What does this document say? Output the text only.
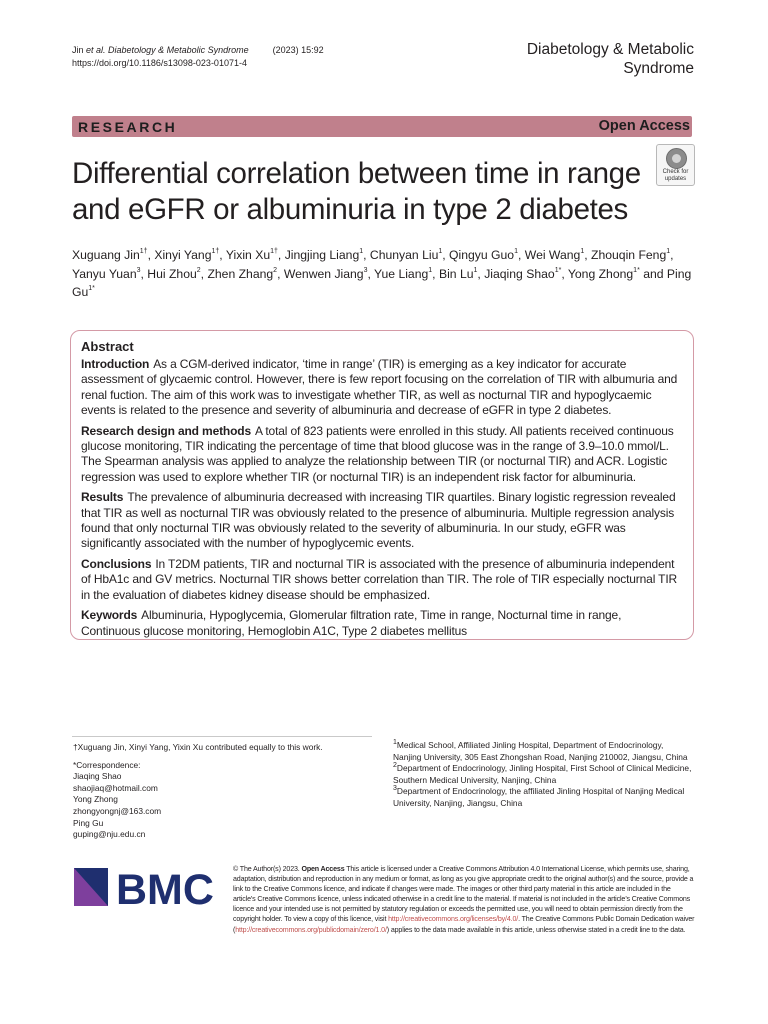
Jin et al. Diabetology & Metabolic Syndrome	(2023) 15:92
https://doi.org/10.1186/s13098-023-01071-4
Diabetology & Metabolic
Syndrome
RESEARCH	Open Access
Check for
updates
Differential correlation between time in range
and eGFR or albuminuria in type 2 diabetes
Xuguang Jin$^{1\dagger}$, Xinyi Yang$^{1\dagger}$, Yixin $Xu^{1\dagger}$, Jingjing Liang$^1$, Chunyan Liu$^1$, Qingyu Guo$^1$, Wei Wang$^1$, Zhouqin Feng$^1$, Yanyu Yuan$^3$, Hui Zhou$^2$, Zhen Zhang$^2$, Wenwen Jiang$^3$, Yue Liang$^1$, Bin Lu$^1$, Jiaqing Shao$^{1*}$, Yong Zhong$^{1*}$ and Ping $Gu^{1*}$
Abstract
Introduction As a CGM-derived indicator, ‘time in range’ (TIR) is emerging as a key indicator for accurate assessment of glycaemic control. However, there is few report focusing on the correlation of TIR with albumuria and renal fuction. The aim of this work was to investigate whether TIR, as well as nocturnal TIR and hypoglycaemic events is related to the presence and severity of albuminuria and decrease of eGFR in type 2 diabetes.
Research design and methods A total of 823 patients were enrolled in this study. All patients received continuous glucose monitoring, TIR indicating the percentage of time that blood glucose was in the range of 3.9–10.0 mmol/L. The Spearman analysis was applied to analyze the relationship between TIR (or nocturnal TIR) and ACR. Logistic regression was used to explore whether TIR (or nocturnal TIR) is an independent risk factor for albuminuria.
Results The prevalence of albuminuria decreased with increasing TIR quartiles. Binary logistic regression revealed that TIR as well as nocturnal TIR was obviously related to the presence of albuminuria. Multiple regression analysis found that only nocturnal TIR was obviously related to the severity of albuminuria. In our study, eGFR was significantly associated with the number of hypoglycemic events.
Conclusions In T2DM patients, TIR and nocturnal TIR is associated with the presence of albuminuria independent of HbA1c and GV metrics. Nocturnal TIR shows better correlation than TIR. The role of TIR especially nocturnal TIR in the evaluation of diabetes kidney disease should be emphasized.
Keywords Albuminuria, Hypoglycemia, Glomerular filtration rate, Time in range, Nocturnal time in range, Continuous glucose monitoring, Hemoglobin A1C, Type 2 diabetes mellitus
†Xuguang Jin, Xinyi Yang, Yixin Xu contributed equally to this work.
*Correspondence:
Jiaqing Shao
shaojiaq@hotmail.com
Yong Zhong
zhongyongnj@163.com
Ping Gu
guping@nju.edu.cn
$^1$Medical School, Affiliated Jinling Hospital, Department of Endocrinology, Nanjing University, 305 East Zhongshan Road, Nanjing 210002, Jiangsu, China
$^2$Department of Endocrinology, Jinling Hospital, First School of Clinical Medicine, Southern Medical University, Nanjing, China
$^3$Department of Endocrinology, the affiliated Jinling Hospital of Nanjing Medical University, Nanjing, Jiangsu, China
BMC	© The Author(s) 2023. Open Access This article is licensed under a Creative Commons Attribution 4.0 International License, which permits use, sharing, adaptation, distribution and reproduction in any medium or format, as long as you give appropriate credit to the original author(s) and the source, provide a link to the Creative Commons licence, and indicate if changes were made. The images or other third party material in this article are included in the article’s Creative Commons licence, unless indicated otherwise in a credit line to the material. If material is not included in the article’s Creative Commons licence and your intended use is not permitted by statutory regulation or exceeds the permitted use, you will need to obtain permission directly from the copyright holder. To view a copy of this licence, visit http://creativecommons.org/licenses/by/4.0/. The Creative Commons Public Domain Dedication waiver (http://creativecommons.org/publicdomain/zero/1.0/) applies to the data made available in this article, unless otherwise stated in a credit line to the data.
